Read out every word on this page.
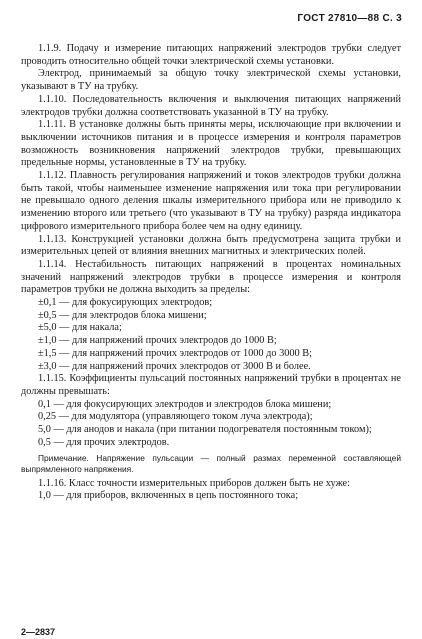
ГОСТ 27810—88 С. 3

1.1.9. Подачу и измерение питающих напряжений электродов трубки следует проводить относительно общей точки электрической схемы установки.

Электрод, принимаемый за общую точку электрической схемы установки, указывают в ТУ на трубку.

1.1.10. Последовательность включения и выключения питающих напряжений электродов трубки должна соответствовать указанной в ТУ на трубку.

1.1.11. В установке должны быть приняты меры, исключающие при включении и выключении источников питания и в процессе измерения и контроля параметров возможность возникновения напряжений электродов трубки, превышающих предельные нормы, установленные в ТУ на трубку.

1.1.12. Плавность регулирования напряжений и токов электродов трубки должна быть такой, чтобы наименьшее изменение напряжения или тока при регулировании не превышало одного деления шкалы измерительного прибора или не приводило к изменению второго или третьего (что указывают в ТУ на трубку) разряда индикатора цифрового измерительного прибора более чем на одну единицу.

1.1.13. Конструкцией установки должна быть предусмотрена защита трубки и измерительных цепей от влияния внешних магнитных и электрических полей.

1.1.14. Нестабильность питающих напряжений в процентах номинальных значений напряжений электродов трубки в процессе измерения и контроля параметров трубки не должна выходить за пределы:

±0,1 — для фокусирующих электродов;

±0,5 — для электродов блока мишени;

±5,0 — для накала;

±1,0 — для напряжений прочих электродов до 1000 В;

±1,5 — для напряжений прочих электродов от 1000 до 3000 В;

±3,0 — для напряжений прочих электродов от 3000 В и более.

1.1.15. Коэффициенты пульсаций постоянных напряжений трубки в процентах не должны превышать:

0,1 — для фокусирующих электродов и электродов блока мишени;

0,25 — для модулятора (управляющего током луча электрода);

5,0 — для анодов и накала (при питании подогревателя постоянным током);

0,5 — для прочих электродов.

Примечание. Напряжение пульсации — полный размах переменной составляющей выпрямленного напряжения.

1.1.16. Класс точности измерительных приборов должен быть не хуже:

1,0 — для приборов, включенных в цепь постоянного тока;

2—2837
